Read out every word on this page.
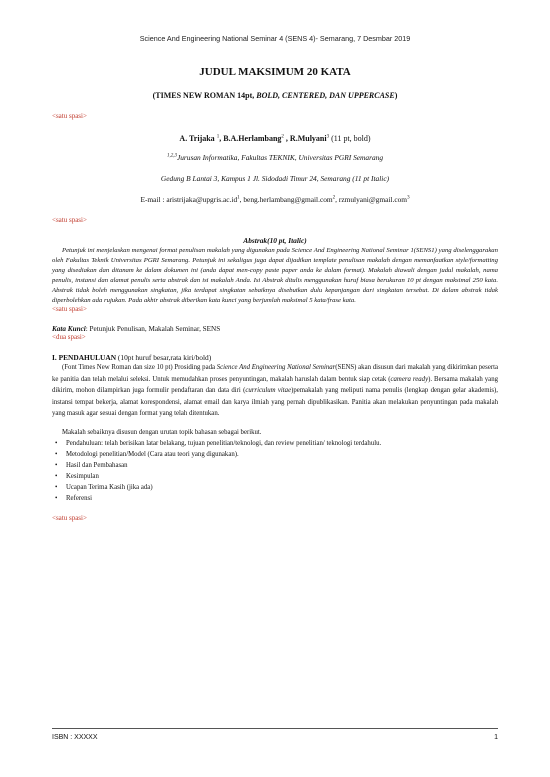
Science And Engineering National Seminar 4 (SENS 4)- Semarang, 7 Desmbar 2019
JUDUL MAKSIMUM 20 KATA
(TIMES NEW ROMAN 14pt, BOLD, CENTERED, DAN UPPERCASE)
<satu spasi>
A. Trijaka $^1$, B.A.Herlambang$^2$ , R.Mulyani$^3$ (11 pt, bold)
$^{1,2,3}$Jurusan Informatika, Fakultas TEKNIK, Universitas PGRI Semarang
Gedung B Lantai 3, Kampus 1 Jl. Sidodadi Timur 24, Semarang (11 pt Italic)
E-mail : $aristrijaka@upgris.ac.id^1$, beng.herlambang@gmail.com$^2$, rzmulyani@gmail.com$^3$
<satu spasi>
Abstrak(10 pt, Italic)
Petunjuk ini menjelaskan mengenai format penulisan makalah yang digunakan pada Science And Engineering National Seminar 1(SENS1) yang diselenggarakan oleh Fakultas Teknik Universitas PGRI Semarang. Petunjuk ini sekaligus juga dapat dijadikan template penulisan makalah dengan memanfaatkan style/formatting yang disediakan dan ditanam ke dalam dokumen ini (anda dapat men-copy paste paper anda ke dalam format). Makalah diawali dengan judul makalah, nama penulis, instansi dan alamat penulis serta abstrak dan isi makalah Anda. Isi Abstrak ditulis menggunakan huruf biasa berukuran 10 pt dengan maksimal 250 kata. Abstrak tidak boleh menggunakan singkatan, jika terdapat singkatan sebaiknya disebutkan dulu kepanjangan dari singkatan tersebut. Di dalam abstrak tidak diperbolehkan ada rujukan. Pada akhir abstrak diberikan kata kunci yang berjumlah maksimal 5 kata/frase kata.
<satu spasi>
Kata Kunci: Petunjuk Penulisan, Makalah Seminar, SENS
<dua spasi>
I. PENDAHULUAN (10pt huruf besar,rata kiri/bold)
(Font Times New Roman dan size 10 pt) Prosiding pada Science And Engineering National Seminar(SENS) akan disusun dari makalah yang dikirimkan peserta ke panitia dan telah melalui seleksi. Untuk memudahkan proses penyuntingan, makalah haruslah dalam bentuk siap cetak (camera ready). Bersama makalah yang dikirim, mohon dilampirkan juga formulir pendaftaran dan data diri (curriculum vitae)pemakalah yang meliputi nama penulis (lengkap dengan gelar akademis), instansi tempat bekerja, alamat korespondensi, alamat email dan karya ilmiah yang pernah dipublikasikan. Panitia akan melakukan penyuntingan pada makalah yang masuk agar sesuai dengan format yang telah ditentukan.
Makalah sebaiknya disusun dengan urutan topik bahasan sebagai berikut.
• Pendahuluan: telah berisikan latar belakang, tujuan penelitian/teknologi, dan review penelitian/ teknologi terdahulu.
• Metodologi penelitian/Model (Cara atau teori yang digunakan).
• Hasil dan Pembahasan
• Kesimpulan
• Ucapan Terima Kasih (jika ada)
• Referensi
<satu spasi>
ISBN : XXXXX	1
